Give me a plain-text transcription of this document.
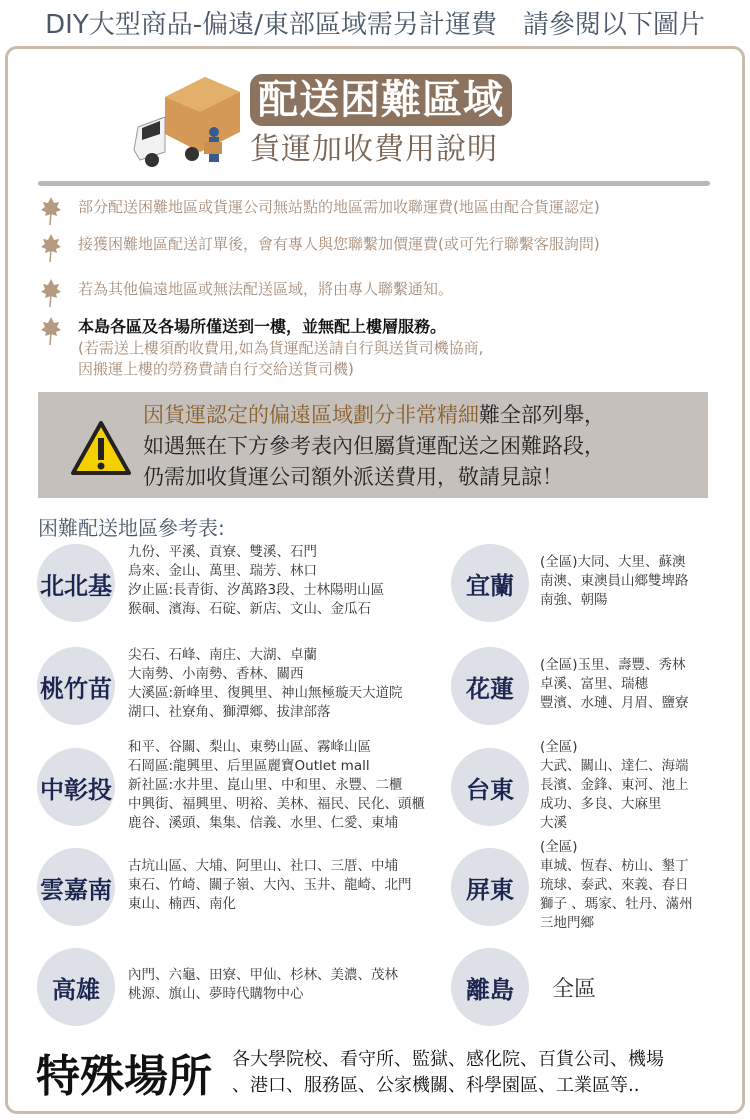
DIY大型商品-偏遠/東部區域需另計運費　請參閱以下圖片
配送困難區域
貨運加收費用說明
部分配送困難地區或貨運公司無站點的地區需加收聯運費(地區由配合貨運認定)
接獲困難地區配送訂單後，會有專人與您聯繫加價運費(或可先行聯繫客服詢問)
若為其他偏遠地區或無法配送區域，將由專人聯繫通知。
本島各區及各場所僅送到一樓，並無配上樓層服務。
(若需送上樓須酌收費用,如為貨運配送請自行與送貨司機協商,
因搬運上樓的勞務費請自行交給送貨司機)
因貨運認定的偏遠區域劃分非常精細難全部列舉，
如遇無在下方參考表內但屬貨運配送之困難路段，
仍需加收貨運公司額外派送費用，敬請見諒！
困難配送地區參考表:
北北基
九份、平溪、貢寮、雙溪、石門
烏來、金山、萬里、瑞芳、林口
汐止區:長青街、汐萬路3段、士林陽明山區
猴硐、濱海、石碇、新店、文山、金瓜石
桃竹苗
尖石、石峰、南庄、大湖、卓蘭
大南勢、小南勢、香林、關西
大溪區:新峰里、復興里、神山無極璇天大道院
湖口、社寮角、獅潭鄉、拔津部落
中彰投
和平、谷關、梨山、東勢山區、霧峰山區
石岡區:龍興里、后里區麗寶Outlet mall
新社區:水井里、崑山里、中和里、永豐、二櫃
中興街、福興里、明裕、美林、福民、民化、頭櫃
鹿谷、溪頭、集集、信義、水里、仁愛、東埔
雲嘉南
古坑山區、大埔、阿里山、社口、三厝、中埔
東石、竹崎、關子嶺、大內、玉井、龍崎、北門
東山、楠西、南化
高雄
內門、六龜、田寮、甲仙、杉林、美濃、茂林
桃源、旗山、夢時代購物中心
宜蘭
(全區)大同、大里、蘇澳
南澳、東澳員山鄉雙埤路
南強、朝陽
花蓮
(全區)玉里、壽豐、秀林
卓溪、富里、瑞穗
豐濱、水璉、月眉、鹽寮
台東
(全區)
大武、關山、達仁、海端
長濱、金鋒、東河、池上
成功、多良、大麻里
大溪
屏東
(全區)
車城、恆春、枋山、墾丁
琉球、泰武、來義、春日
獅子 、瑪家、牡丹、滿州
三地門鄉
離島	全區
特殊場所 各大學院校、看守所、監獄、感化院、百貨公司、機場
、港口、服務區、公家機關、科學園區、工業區等..
